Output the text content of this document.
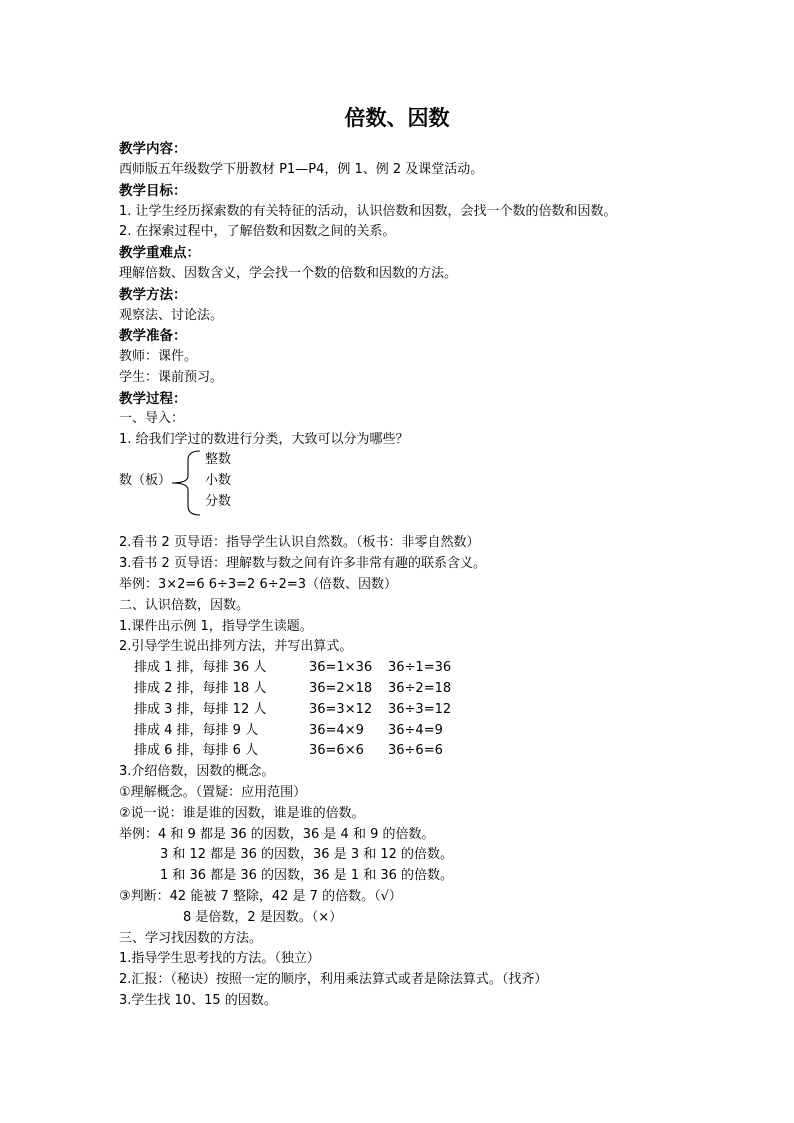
倍数、因数
教学内容：
西师版五年级数学下册教材 P1—P4，例 1、例 2 及课堂活动。
教学目标：
1. 让学生经历探索数的有关特征的活动，认识倍数和因数，会找一个数的倍数和因数。
2. 在探索过程中，了解倍数和因数之间的关系。
教学重难点：
理解倍数、因数含义，学会找一个数的倍数和因数的方法。
教学方法：
观察法、讨论法。
教学准备：
教师：课件。
学生：课前预习。
教学过程：
一、导入：
1. 给我们学过的数进行分类，大致可以分为哪些？
数（板）
整数
小数
分数
2.看书 2 页导语：指导学生认识自然数。（板书：非零自然数）
3.看书 2 页导语：理解数与数之间有许多非常有趣的联系含义。
举例：3×2=6 6÷3=2 6÷2=3（倍数、因数）
二、认识倍数，因数。
1.课件出示例 1，指导学生读题。
2.引导学生说出排列方法，并写出算式。
排成 1 排，每排 36 人	36=1×36 36÷1=36
排成 2 排，每排 18 人	36=2×18 36÷2=18
排成 3 排，每排 12 人	36=3×12 36÷3=12
排成 4 排，每排 9 人	36=4×9 36÷4=9
排成 6 排，每排 6 人	36=6×6 36÷6=6
3.介绍倍数，因数的概念。
①理解概念。（置疑：应用范围）
②说一说：谁是谁的因数，谁是谁的倍数。
举例：4 和 9 都是 36 的因数，36 是 4 和 9 的倍数。
3 和 12 都是 36 的因数，36 是 3 和 12 的倍数。
1 和 36 都是 36 的因数，36 是 1 和 36 的倍数。
③判断：42 能被 7 整除，42 是 7 的倍数。（√）
8 是倍数，2 是因数。（×）
三、学习找因数的方法。
1.指导学生思考找的方法。（独立）
2.汇报：（秘诀）按照一定的顺序，利用乘法算式或者是除法算式。（找齐）
3.学生找 10、15 的因数。
